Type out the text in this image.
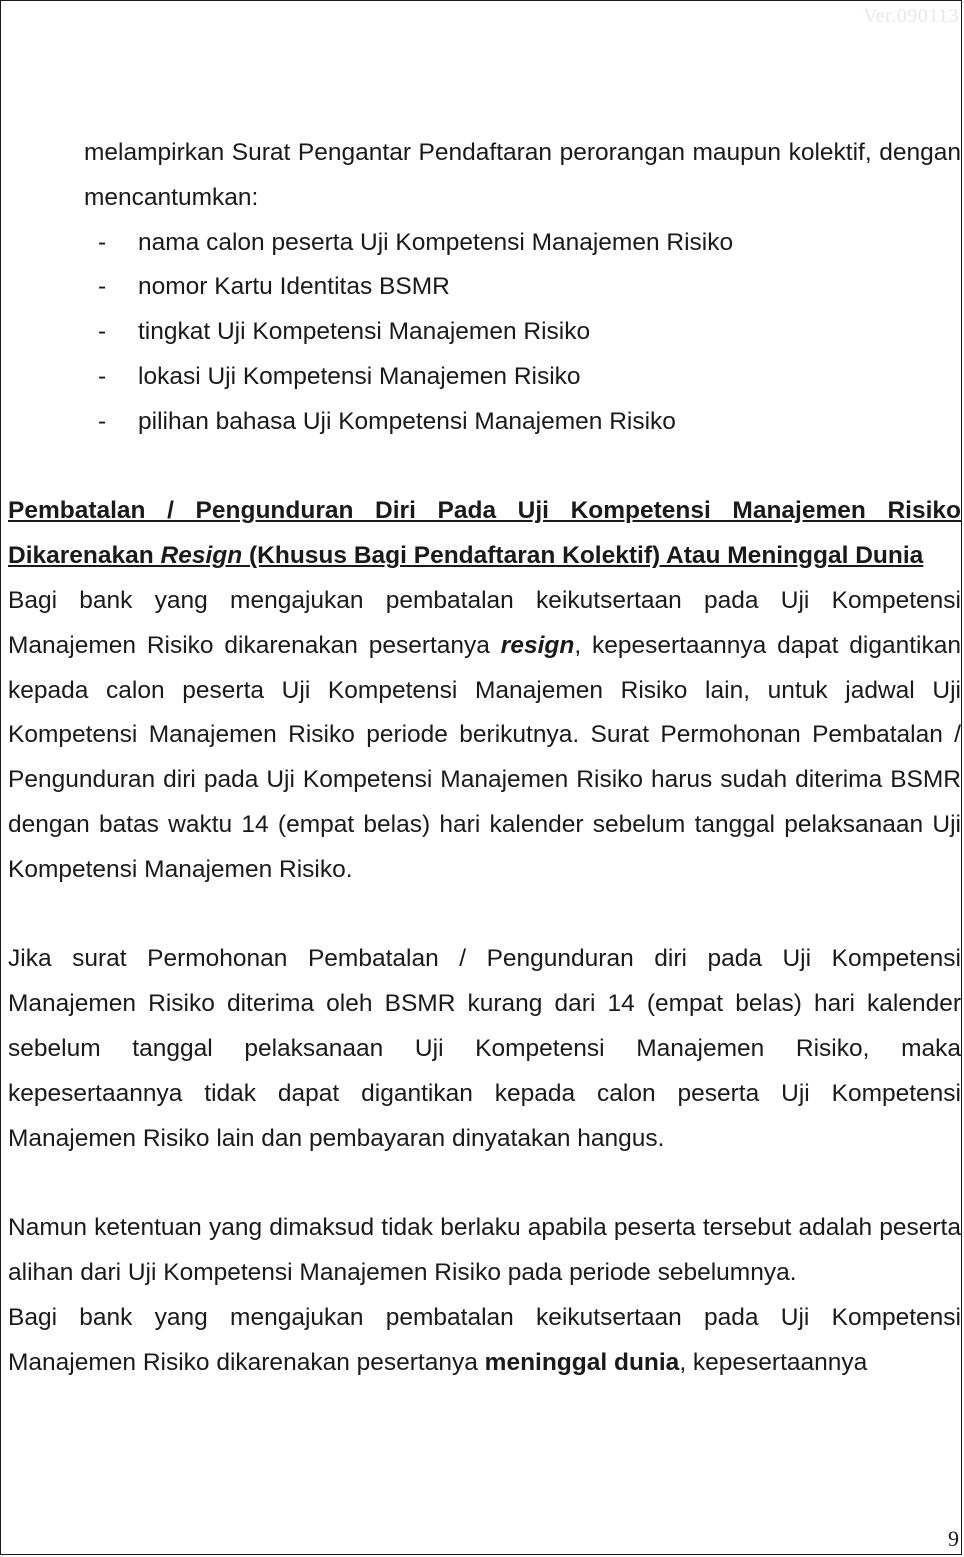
Ver.090113

melampirkan Surat Pengantar Pendaftaran perorangan maupun kolektif, dengan mencantumkan:

- nama calon peserta Uji Kompetensi Manajemen Risiko
- nomor Kartu Identitas BSMR
- tingkat Uji Kompetensi Manajemen Risiko
- lokasi Uji Kompetensi Manajemen Risiko
- pilihan bahasa Uji Kompetensi Manajemen Risiko

Pembatalan / Pengunduran Diri Pada Uji Kompetensi Manajemen Risiko Dikarenakan Resign (Khusus Bagi Pendaftaran Kolektif) Atau Meninggal Dunia

Bagi bank yang mengajukan pembatalan keikutsertaan pada Uji Kompetensi Manajemen Risiko dikarenakan pesertanya resign, kepesertaannya dapat digantikan kepada calon peserta Uji Kompetensi Manajemen Risiko lain, untuk jadwal Uji Kompetensi Manajemen Risiko periode berikutnya. Surat Permohonan Pembatalan / Pengunduran diri pada Uji Kompetensi Manajemen Risiko harus sudah diterima BSMR dengan batas waktu 14 (empat belas) hari kalender sebelum tanggal pelaksanaan Uji Kompetensi Manajemen Risiko.

Jika surat Permohonan Pembatalan / Pengunduran diri pada Uji Kompetensi Manajemen Risiko diterima oleh BSMR kurang dari 14 (empat belas) hari kalender sebelum tanggal pelaksanaan Uji Kompetensi Manajemen Risiko, maka kepesertaannya tidak dapat digantikan kepada calon peserta Uji Kompetensi Manajemen Risiko lain dan pembayaran dinyatakan hangus.

Namun ketentuan yang dimaksud tidak berlaku apabila peserta tersebut adalah peserta alihan dari Uji Kompetensi Manajemen Risiko pada periode sebelumnya.

Bagi bank yang mengajukan pembatalan keikutsertaan pada Uji Kompetensi Manajemen Risiko dikarenakan pesertanya meninggal dunia, kepesertaannya

9
